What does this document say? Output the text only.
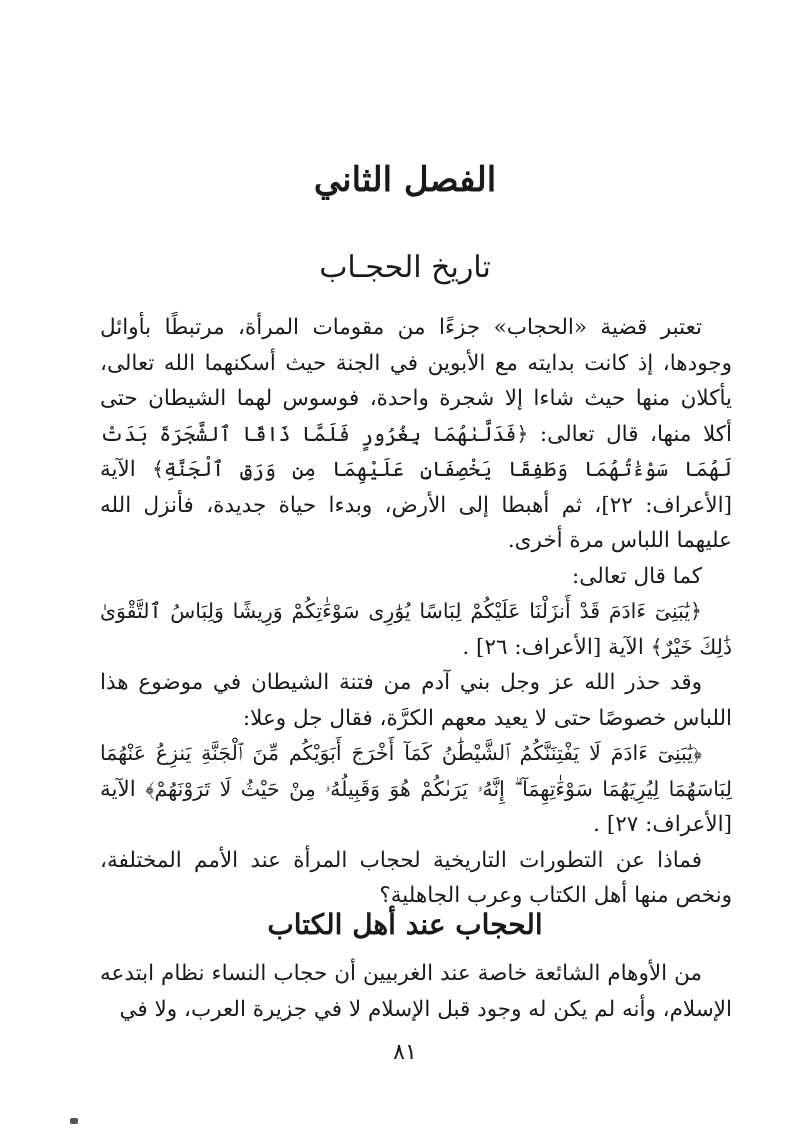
الفصل الثاني
تاريخ الحجـاب

تعتبر قضية «الحجاب» جزءًا من مقومات المرأة، مرتبطًا بأوائل وجودها، إذ كانت بدايته مع الأبوين في الجنة حيث أسكنهما الله تعالى، يأكلان منها حيث شاءا إلا شجرة واحدة، فوسوس لهما الشيطان حتى أكلا منها، قال تعالى: ﴿فَدَلَّىٰهُمَا بِغُرُورٍ فَلَمَّا ذَاقَا ٱلشَّجَرَةَ بَدَتْ لَهُمَا سَوْءَٰتُهُمَا وَطَفِقَا يَخْصِفَانِ عَلَيْهِمَا مِن وَرَقِ ٱلْجَنَّةِ﴾ الآية [الأعراف: ٢٢]، ثم أهبطا إلى الأرض، وبدءا حياة جديدة، فأنزل الله عليهما اللباس مرة أخرى.

كما قال تعالى:

﴿يَٰبَنِىٓ ءَادَمَ قَدْ أَنزَلْنَا عَلَيْكُمْ لِبَاسًا يُوَٰرِى سَوْءَٰتِكُمْ وَرِيشًا وَلِبَاسُ ٱلتَّقْوَىٰ ذَٰلِكَ خَيْرٌ﴾ الآية [الأعراف: ٢٦] .

وقد حذر الله عز وجل بني آدم من فتنة الشيطان في موضوع هذا اللباس خصوصًا حتى لا يعيد معهم الكرَّة، فقال جل وعلا:

﴿يَٰبَنِىٓ ءَادَمَ لَا يَفْتِنَنَّكُمُ ٱلشَّيْطَٰنُ كَمَآ أَخْرَجَ أَبَوَيْكُم مِّنَ ٱلْجَنَّةِ يَنزِعُ عَنْهُمَا لِبَاسَهُمَا لِيُرِيَهُمَا سَوْءَٰتِهِمَآ ۗ إِنَّهُۥ يَرَىٰكُمْ هُوَ وَقَبِيلُهُۥ مِنْ حَيْثُ لَا تَرَوْنَهُمْ﴾ الآية [الأعراف: ٢٧] .

فماذا عن التطورات التاريخية لحجاب المرأة عند الأمم المختلفة، ونخص منها أهل الكتاب وعرب الجاهلية؟

الحجاب عند أهل الكتاب

من الأوهام الشائعة خاصة عند الغربيين أن حجاب النساء نظام ابتدعه الإسلام، وأنه لم يكن له وجود قبل الإسلام لا في جزيرة العرب، ولا في

٨١
